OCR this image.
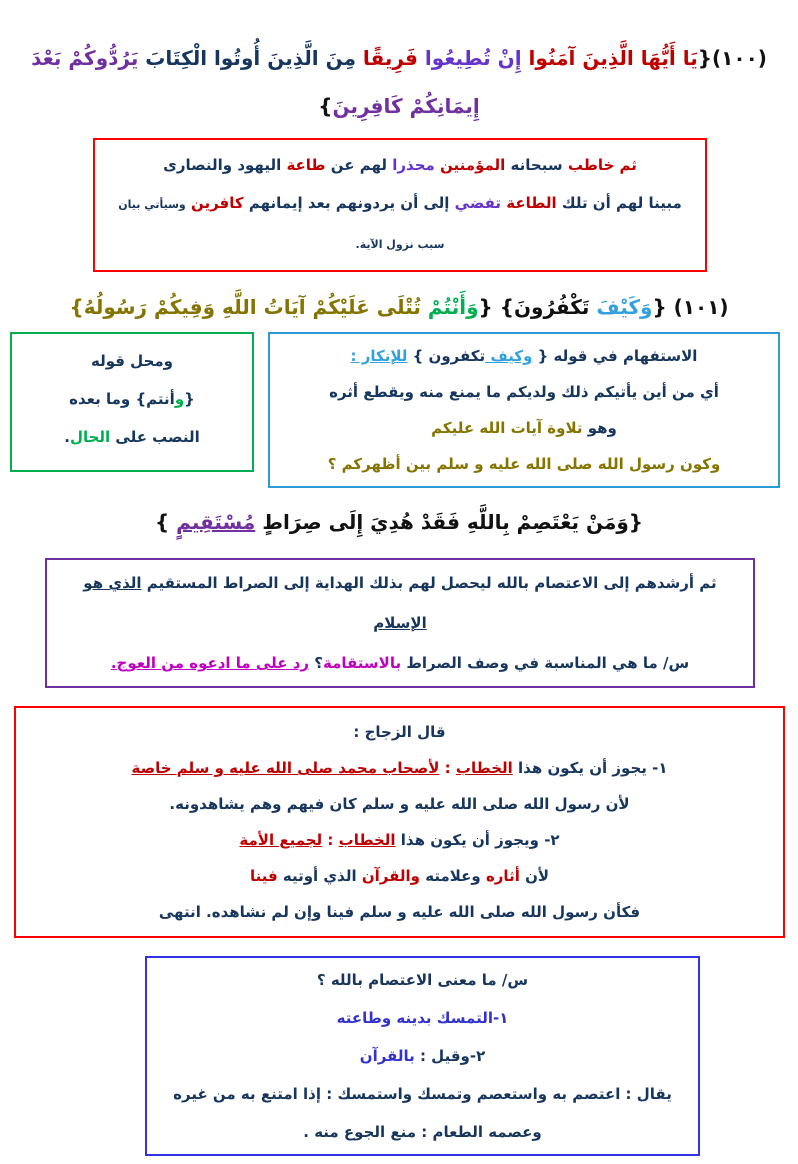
(١٠٠){يَا أَيُّهَا الَّذِينَ آمَنُوا إِنْ تُطِيعُوا فَرِيقًا مِنَ الَّذِينَ أُوتُوا الْكِتَابَ يَرُدُّوكُمْ بَعْدَ
إِيمَانِكُمْ كَافِرِينَ}
ثم خاطب سبحانه المؤمنين محذرا لهم عن طاعة اليهود والنصارى
مبينا لهم أن تلك الطاعة تفضي إلى أن يردونهم بعد إيمانهم كافرين وسيأتي بيان سبب نزول الآية.
(١٠١) {وَكَيْفَ تَكْفُرُونَ} {وَأَنْتُمْ تُتْلَى عَلَيْكُمْ آيَاتُ اللَّهِ وَفِيكُمْ رَسُولُهُ}
الاستفهام في قوله { وكيف تكفرون } للإنكار :
أي من أين يأتيكم ذلك ولديكم ما يمنع منه ويقطع أثره
وهو تلاوة آيات الله عليكم
وكون رسول الله صلى الله عليه و سلم بين أظهركم ؟
ومحل قوله
{وأنتم} وما بعده
النصب على الحال.
{وَمَنْ يَعْتَصِمْ بِاللَّهِ فَقَدْ هُدِيَ إِلَى صِرَاطٍ مُسْتَقِيمٍ }
ثم أرشدهم إلى الاعتصام بالله ليحصل لهم بذلك الهداية إلى الصراط المستقيم الذي هو الإسلام
س/ ما هي المناسبة في وصف الصراط بالاستقامة؟ رد على ما ادعوه من العوج.
قال الزجاج :
١- يجوز أن يكون هذا الخطاب : لأصحاب محمد صلى الله عليه و سلم خاصة
لأن رسول الله صلى الله عليه و سلم كان فيهم وهم يشاهدونه.
٢- ويجوز أن يكون هذا الخطاب : لجميع الأمة
لأن أثاره وعلامته والقرآن الذي أوتيه فينا
فكأن رسول الله صلى الله عليه و سلم فينا وإن لم نشاهده. انتهى
س/ ما معنى الاعتصام بالله ؟
١-التمسك بدينه وطاعته
٢-وقيل : بالقرآن
يقال : اعتصم به واستعصم وتمسك واستمسك : إذا امتنع به من غيره
وعصمه الطعام : منع الجوع منه .
